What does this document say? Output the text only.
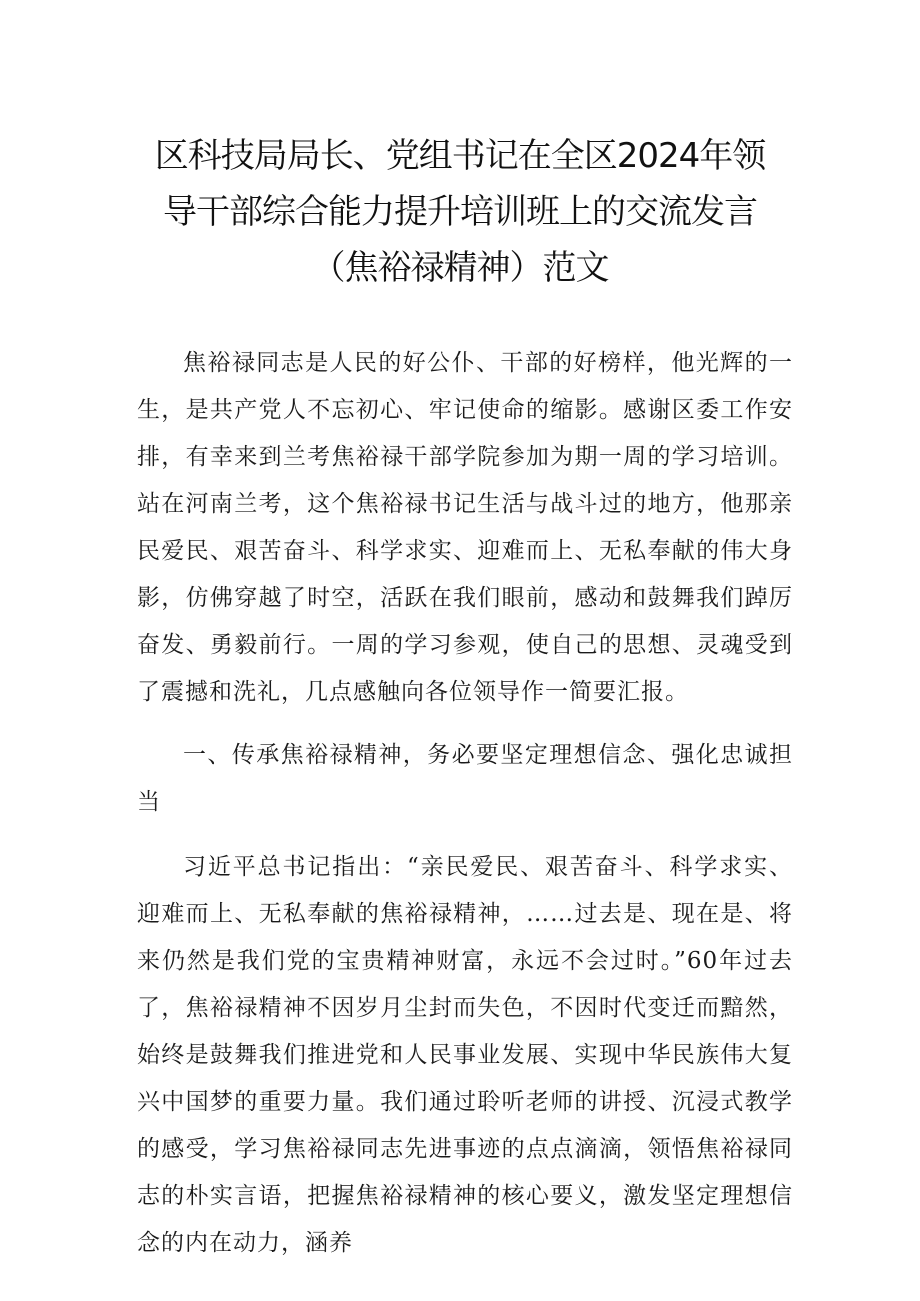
区科技局局长、党组书记在全区2024年领
导干部综合能力提升培训班上的交流发言
（焦裕禄精神）范文

焦裕禄同志是人民的好公仆、干部的好榜样，他光辉的一生，是共产党人不忘初心、牢记使命的缩影。感谢区委工作安排，有幸来到兰考焦裕禄干部学院参加为期一周的学习培训。站在河南兰考，这个焦裕禄书记生活与战斗过的地方，他那亲民爱民、艰苦奋斗、科学求实、迎难而上、无私奉献的伟大身影，仿佛穿越了时空，活跃在我们眼前，感动和鼓舞我们踔厉奋发、勇毅前行。一周的学习参观，使自己的思想、灵魂受到了震撼和洗礼，几点感触向各位领导作一简要汇报。

一、传承焦裕禄精神，务必要坚定理想信念、强化忠诚担当

习近平总书记指出：“亲民爱民、艰苦奋斗、科学求实、迎难而上、无私奉献的焦裕禄精神，……过去是、现在是、将来仍然是我们党的宝贵精神财富，永远不会过时。”60年过去了，焦裕禄精神不因岁月尘封而失色，不因时代变迁而黯然，始终是鼓舞我们推进党和人民事业发展、实现中华民族伟大复兴中国梦的重要力量。我们通过聆听老师的讲授、沉浸式教学的感受，学习焦裕禄同志先进事迹的点点滴滴，领悟焦裕禄同志的朴实言语，把握焦裕禄精神的核心要义，激发坚定理想信念的内在动力，涵养
